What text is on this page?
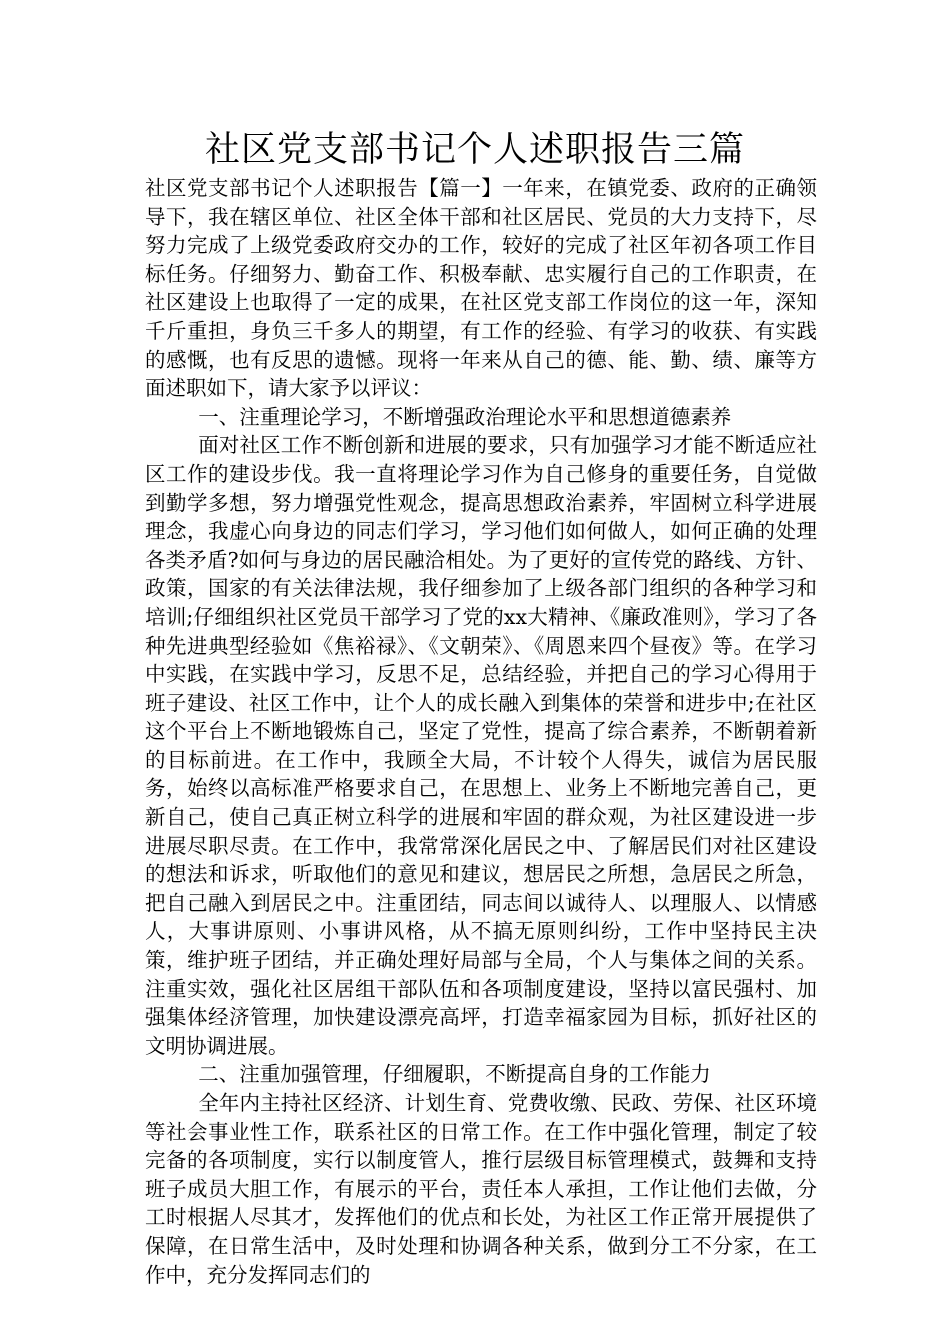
社区党支部书记个人述职报告三篇

社区党支部书记个人述职报告【篇一】一年来，在镇党委、政府的正确领导下，我在辖区单位、社区全体干部和社区居民、党员的大力支持下，尽努力完成了上级党委政府交办的工作，较好的完成了社区年初各项工作目标任务。仔细努力、勤奋工作、积极奉献、忠实履行自己的工作职责，在社区建设上也取得了一定的成果，在社区党支部工作岗位的这一年，深知千斤重担，身负三千多人的期望，有工作的经验、有学习的收获、有实践的感慨，也有反思的遗憾。现将一年来从自己的德、能、勤、绩、廉等方面述职如下，请大家予以评议：

一、注重理论学习，不断增强政治理论水平和思想道德素养

面对社区工作不断创新和进展的要求，只有加强学习才能不断适应社区工作的建设步伐。我一直将理论学习作为自己修身的重要任务，自觉做到勤学多想，努力增强党性观念，提高思想政治素养，牢固树立科学进展理念，我虚心向身边的同志们学习，学习他们如何做人，如何正确的处理各类矛盾?如何与身边的居民融洽相处。为了更好的宣传党的路线、方针、政策，国家的有关法律法规，我仔细参加了上级各部门组织的各种学习和培训;仔细组织社区党员干部学习了党的xx大精神、《廉政准则》，学习了各种先进典型经验如《焦裕禄》、《文朝荣》、《周恩来四个昼夜》等。在学习中实践，在实践中学习，反思不足，总结经验，并把自己的学习心得用于班子建设、社区工作中，让个人的成长融入到集体的荣誉和进步中;在社区这个平台上不断地锻炼自己，坚定了党性，提高了综合素养，不断朝着新的目标前进。在工作中，我顾全大局，不计较个人得失，诚信为居民服务，始终以高标准严格要求自己，在思想上、业务上不断地完善自己，更新自己，使自己真正树立科学的进展和牢固的群众观，为社区建设进一步进展尽职尽责。在工作中，我常常深化居民之中、了解居民们对社区建设的想法和诉求，听取他们的意见和建议，想居民之所想，急居民之所急，把自己融入到居民之中。注重团结，同志间以诚待人、以理服人、以情感人，大事讲原则、小事讲风格，从不搞无原则纠纷，工作中坚持民主决策，维护班子团结，并正确处理好局部与全局，个人与集体之间的关系。注重实效，强化社区居组干部队伍和各项制度建设，坚持以富民强村、加强集体经济管理，加快建设漂亮高坪，打造幸福家园为目标，抓好社区的文明协调进展。

二、注重加强管理，仔细履职，不断提高自身的工作能力

全年内主持社区经济、计划生育、党费收缴、民政、劳保、社区环境等社会事业性工作，联系社区的日常工作。在工作中强化管理，制定了较完备的各项制度，实行以制度管人，推行层级目标管理模式，鼓舞和支持班子成员大胆工作，有展示的平台，责任本人承担，工作让他们去做，分工时根据人尽其才，发挥他们的优点和长处，为社区工作正常开展提供了保障，在日常生活中，及时处理和协调各种关系，做到分工不分家，在工作中，充分发挥同志们的
